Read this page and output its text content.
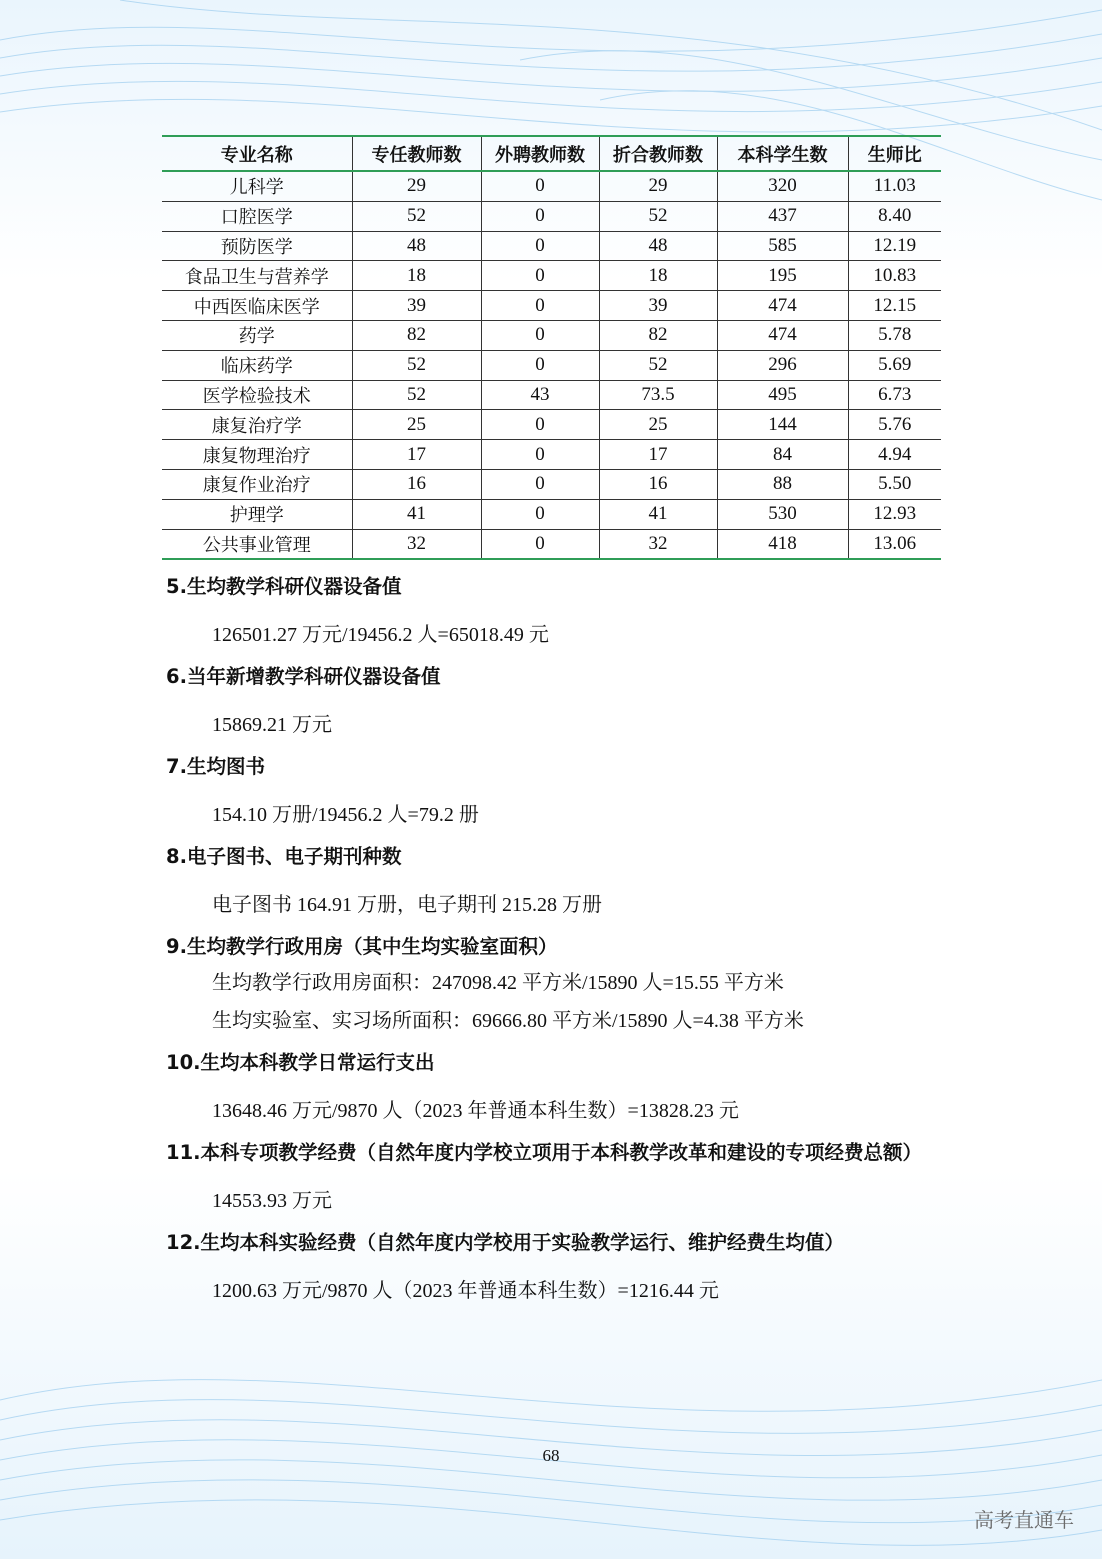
专业名称	专任教师数	外聘教师数	折合教师数	本科学生数	生师比
儿科学	29	0	29	320	11.03
口腔医学	52	0	52	437	8.40
预防医学	48	0	48	585	12.19
食品卫生与营养学	18	0	18	195	10.83
中西医临床医学	39	0	39	474	12.15
药学	82	0	82	474	5.78
临床药学	52	0	52	296	5.69
医学检验技术	52	43	73.5	495	6.73
康复治疗学	25	0	25	144	5.76
康复物理治疗	17	0	17	84	4.94
康复作业治疗	16	0	16	88	5.50
护理学	41	0	41	530	12.93
公共事业管理	32	0	32	418	13.06
5.生均教学科研仪器设备值
126501.27 万元/19456.2 人=65018.49 元
6.当年新增教学科研仪器设备值
15869.21 万元
7.生均图书
154.10 万册/19456.2 人=79.2 册
8.电子图书、电子期刊种数
电子图书 164.91 万册，电子期刊 215.28 万册
9.生均教学行政用房（其中生均实验室面积）
生均教学行政用房面积：247098.42 平方米/15890 人=15.55 平方米
生均实验室、实习场所面积：69666.80 平方米/15890 人=4.38 平方米
10.生均本科教学日常运行支出
13648.46 万元/9870 人（2023 年普通本科生数）=13828.23 元
11.本科专项教学经费（自然年度内学校立项用于本科教学改革和建设的专项经费总额）
14553.93 万元
12.生均本科实验经费（自然年度内学校用于实验教学运行、维护经费生均值）
1200.63 万元/9870 人（2023 年普通本科生数）=1216.44 元
68
高考直通车
